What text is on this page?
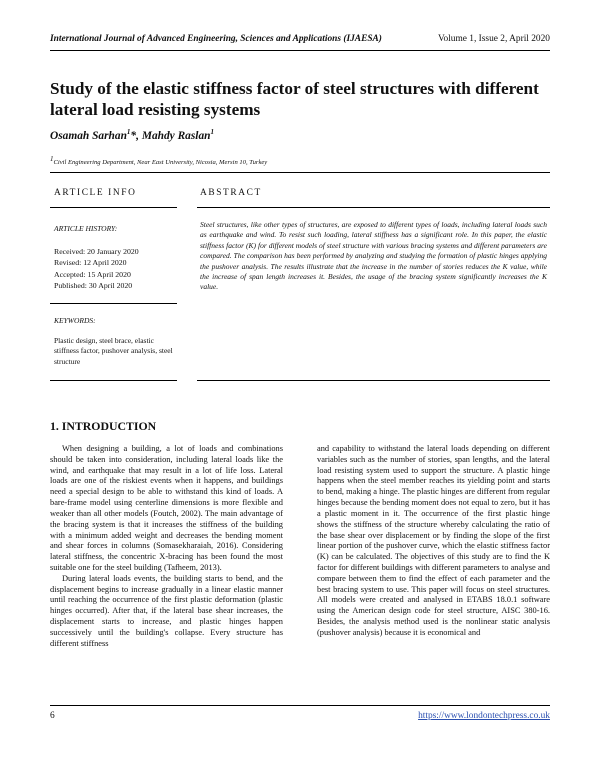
International Journal of Advanced Engineering, Sciences and Applications (IJAESA)	Volume 1, Issue 2, April 2020
Study of the elastic stiffness factor of steel structures with different lateral load resisting systems
Osamah Sarhan$^1$*, Mahdy Raslan$^1$
$^1$Civil Engineering Department, Near East University, Nicosia, Mersin 10, Turkey
ARTICLE INFO	ABSTRACT
ARTICLE HISTORY:
Received: 20 January 2020
Revised: 12 April 2020
Accepted: 15 April 2020
Published: 30 April 2020
KEYWORDS:
Plastic design, steel brace, elastic stiffness factor, pushover analysis, steel structure
Steel structures, like other types of structures, are exposed to different types of loads, including lateral loads such as earthquake and wind. To resist such loading, lateral stiffness has a significant role. In this paper, the elastic stiffness factor (K) for different models of steel structure with various bracing systems and different parameters are compared. The comparison has been performed by analyzing and studying the formation of plastic hinges applying the pushover analysis. The results illustrate that the increase in the number of stories reduces the K value, while the increase of span length increases it. Besides, the usage of the bracing system significantly increases the K value.
1. INTRODUCTION

When designing a building, a lot of loads and combinations should be taken into consideration, including lateral loads like the wind, and earthquake that may result in a lot of life loss. Lateral loads are one of the riskiest events when it happens, and buildings need a special design to be able to withstand this kind of loads. A bare-frame model using centerline dimensions is more flexible and weaker than all other models (Foutch, 2002). The main advantage of the bracing system is that it increases the stiffness of the building with a minimum added weight and decreases the bending moment and shear forces in columns (Somasekharaiah, 2016). Considering lateral stiffness, the concentric X-bracing has been found the most suitable one for the steel building (Tafheem, 2013).

During lateral loads events, the building starts to bend, and the displacement begins to increase gradually in a linear elastic manner until reaching the occurrence of the first plastic deformation (plastic hinges occurred). After that, if the lateral base shear increases, the displacement starts to increase, and plastic hinges happen successively until the building's collapse. Every structure has different stiffness

and capability to withstand the lateral loads depending on different variables such as the number of stories, span lengths, and the lateral load resisting system used to support the structure. A plastic hinge happens when the steel member reaches its yielding point and starts to bend, making a hinge. The plastic hinges are different from regular hinges because the bending moment does not equal to zero, but it has a plastic moment in it. The occurrence of the first plastic hinge shows the stiffness of the structure whereby calculating the ratio of the base shear over displacement or by finding the slope of the first linear portion of the pushover curve, which the elastic stiffness factor (K) can be calculated. The objectives of this study are to find the K factor for different buildings with different parameters to analyse and compare between them to find the effect of each parameter and the best bracing system to use. This paper will focus on steel structures. All models were created and analysed in ETABS 18.0.1 software using the American design code for steel structure, AISC 380-16. Besides, the analysis method used is the nonlinear static analysis (pushover analysis) because it is economical and

6	https://www.londontechpress.co.uk
